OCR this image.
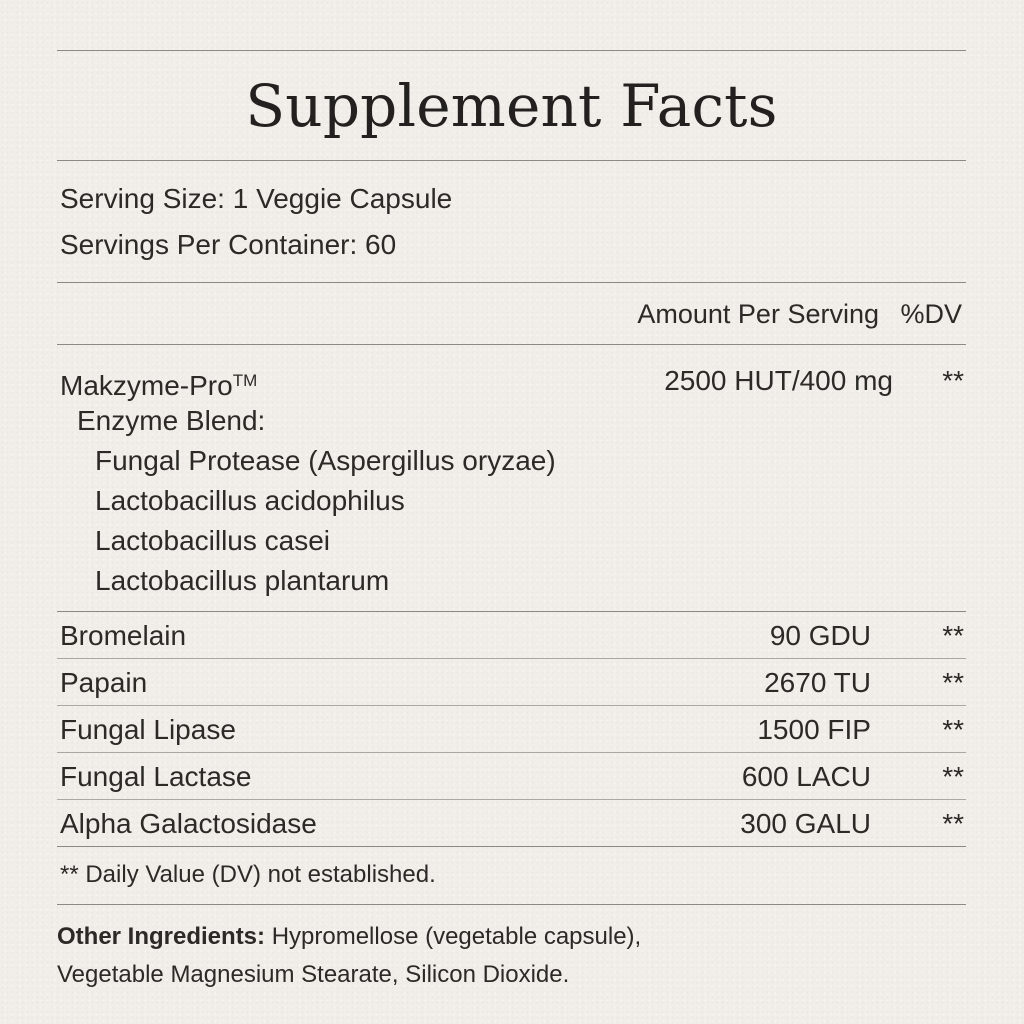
Supplement Facts
Serving Size: 1 Veggie Capsule
Servings Per Container: 60
Amount Per Serving %DV
Makzyme-Pro™	2500 HUT/400 mg **
Enzyme Blend:
Fungal Protease (Aspergillus oryzae)
Lactobacillus acidophilus
Lactobacillus casei
Lactobacillus plantarum
Bromelain	90 GDU	**
Papain	2670 TU	**
Fungal Lipase	1500 FIP	**
Fungal Lactase	600 LACU	**
Alpha Galactosidase	300 GALU	**
** Daily Value (DV) not established.
Other Ingredients: Hypromellose (vegetable capsule),
Vegetable Magnesium Stearate, Silicon Dioxide.
